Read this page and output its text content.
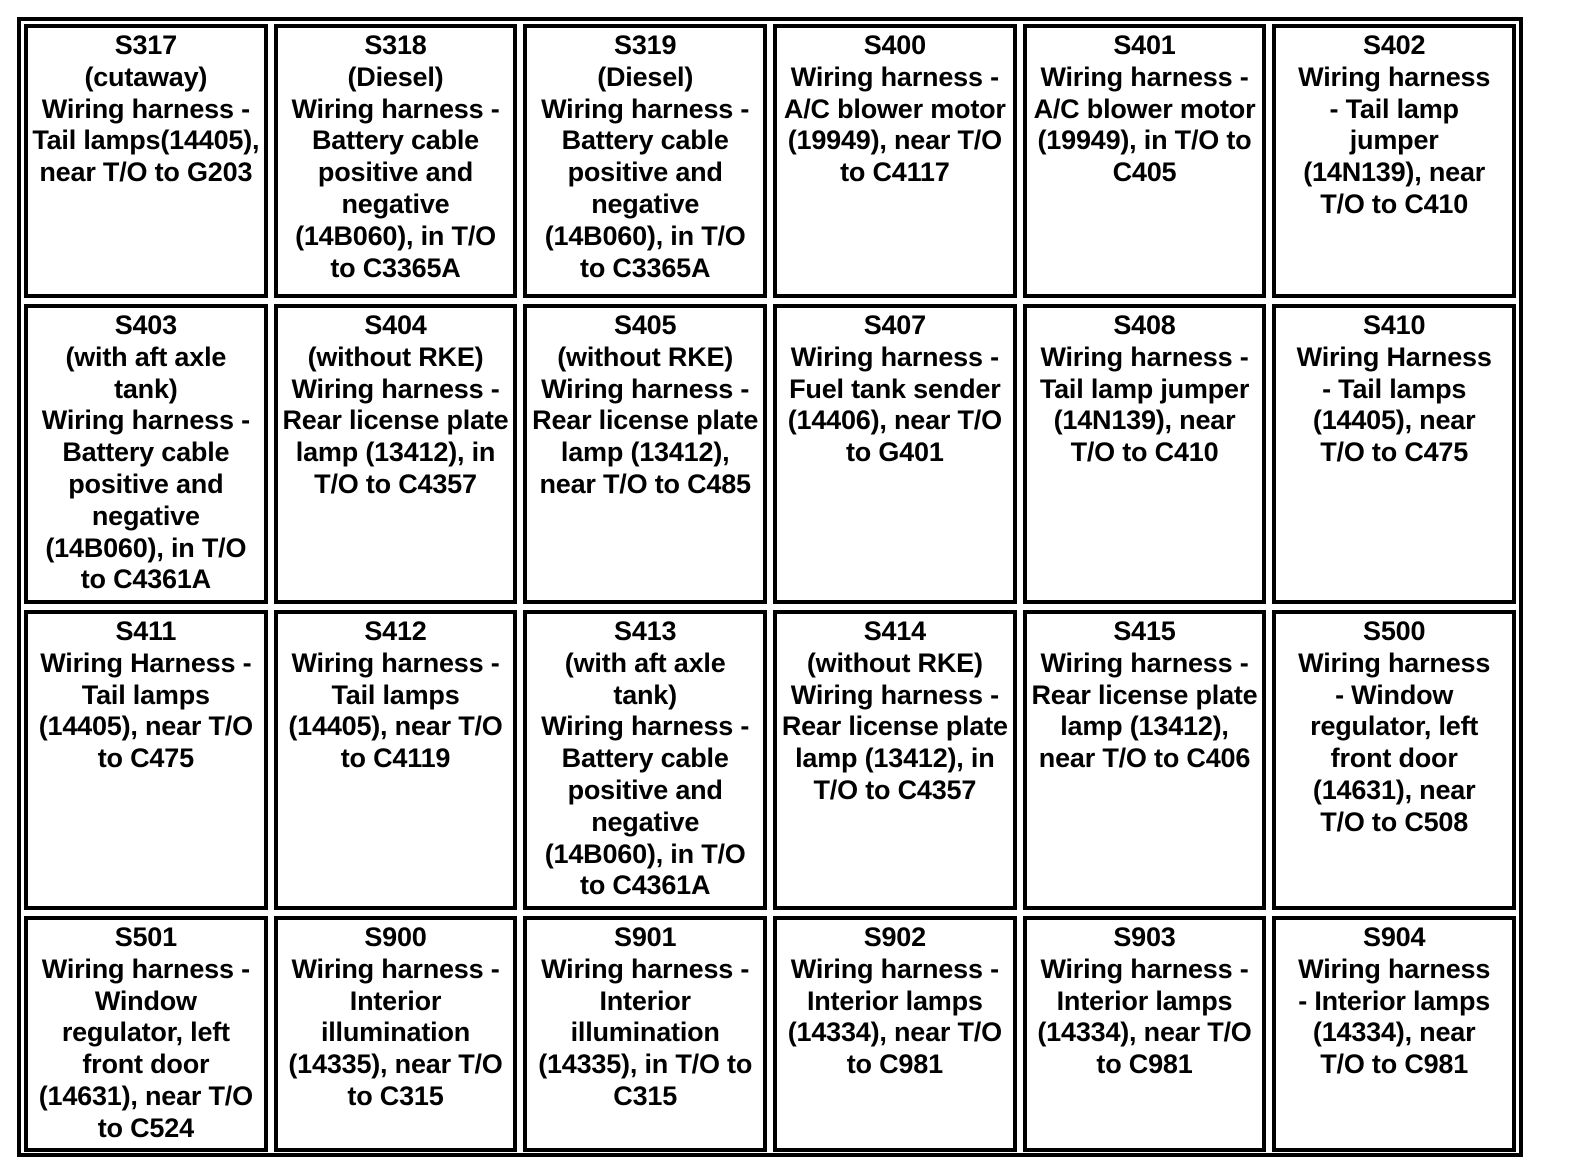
S317
(cutaway)
Wiring harness -
Tail lamps(14405),
near T/O to G203
S318
(Diesel)
Wiring harness -
Battery cable
positive and
negative
(14B060), in T/O
to C3365A
S319
(Diesel)
Wiring harness -
Battery cable
positive and
negative
(14B060), in T/O
to C3365A
S400
Wiring harness -
A/C blower motor
(19949), near T/O
to C4117
S401
Wiring harness -
A/C blower motor
(19949), in T/O to
C405
S402
Wiring harness
- Tail lamp
jumper
(14N139), near
T/O to C410
S403
(with aft axle
tank)
Wiring harness -
Battery cable
positive and
negative
(14B060), in T/O
to C4361A
S404
(without RKE)
Wiring harness -
Rear license plate
lamp (13412), in
T/O to C4357
S405
(without RKE)
Wiring harness -
Rear license plate
lamp (13412),
near T/O to C485
S407
Wiring harness -
Fuel tank sender
(14406), near T/O
to G401
S408
Wiring harness -
Tail lamp jumper
(14N139), near
T/O to C410
S410
Wiring Harness
- Tail lamps
(14405), near
T/O to C475
S411
Wiring Harness -
Tail lamps
(14405), near T/O
to C475
S412
Wiring harness -
Tail lamps
(14405), near T/O
to C4119
S413
(with aft axle
tank)
Wiring harness -
Battery cable
positive and
negative
(14B060), in T/O
to C4361A
S414
(without RKE)
Wiring harness -
Rear license plate
lamp (13412), in
T/O to C4357
S415
Wiring harness -
Rear license plate
lamp (13412),
near T/O to C406
S500
Wiring harness
- Window
regulator, left
front door
(14631), near
T/O to C508
S501
Wiring harness -
Window
regulator, left
front door
(14631), near T/O
to C524
S900
Wiring harness -
Interior
illumination
(14335), near T/O
to C315
S901
Wiring harness -
Interior
illumination
(14335), in T/O to
C315
S902
Wiring harness -
Interior lamps
(14334), near T/O
to C981
S903
Wiring harness -
Interior lamps
(14334), near T/O
to C981
S904
Wiring harness
- Interior lamps
(14334), near
T/O to C981
